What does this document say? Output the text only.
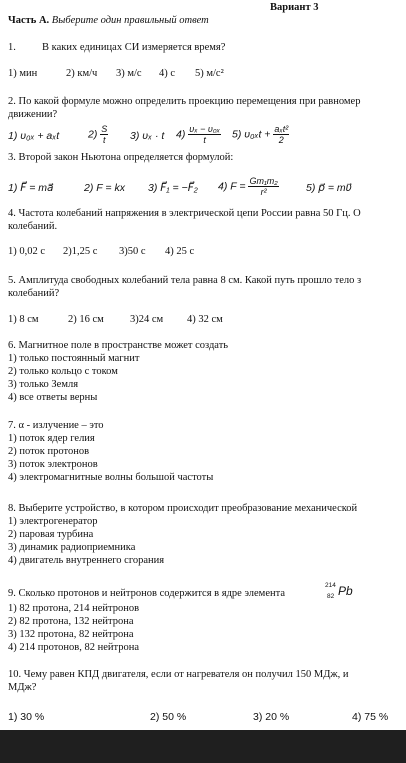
Вариант 3
Часть А. Выберите один правильный ответ
1. В каких единицах СИ измеряется время?
1) мин	2) км/ч 3) м/с 4) с 5) м/с²
2. По какой формуле можно определить проекцию перемещения при равномер
движении?
1) υ₀ₓ + aₓt	$2) \frac{S}{t} 3$) υₓ · t $4) \frac{\text{υₓ − υ₀ₓ}}{t} 5$) $\upsilon_{0x}t + \frac{\text{aₓt²}}{2}$
3. Второй закон Ньютона определяется формулой:
1) F⃗ = ma⃗	2) F = kx 3) F⃗₁ = −F⃗₂ 4) $F = \frac{\text{Gm₁m₂}}{\text{r²}}$	5) p⃗ = mυ⃗
4. Частота колебаний напряжения в электрической цепи России равна 50 Гц. О
колебаний.
1) 0,02 с 2)1,25 с 3)50 с 4) 25 с
5. Амплитуда свободных колебаний тела равна 8 см. Какой путь прошло тело з
колебаний?
1) 8 см	2) 16 см 3)24 см 4) 32 см
6. Магнитное поле в пространстве может создать
1) только постоянный магнит
2) только кольцо с током
3) только Земля
4) все ответы верны
7. α - излучение – это
1) поток ядер гелия
2) поток протонов
3) поток электронов
4) электромагнитные волны большой частоты
8. Выберите устройство, в котором происходит преобразование механической
1) электрогенератор
2) паровая турбина
3) динамик радиоприемника
4) двигатель внутреннего сгорания
9. Сколько протонов и нейтронов содержится в ядре элемента
214
82 Pb
1) 82 протона, 214 нейтронов
2) 82 протона, 132 нейтрона
3) 132 протона, 82 нейтрона
4) 214 протонов, 82 нейтрона
10. Чему равен КПД двигателя, если от нагревателя он получил 150 МДж, и
МДж?
1) 30 %	2) 50 %	3) 20 %	4) 75 %
